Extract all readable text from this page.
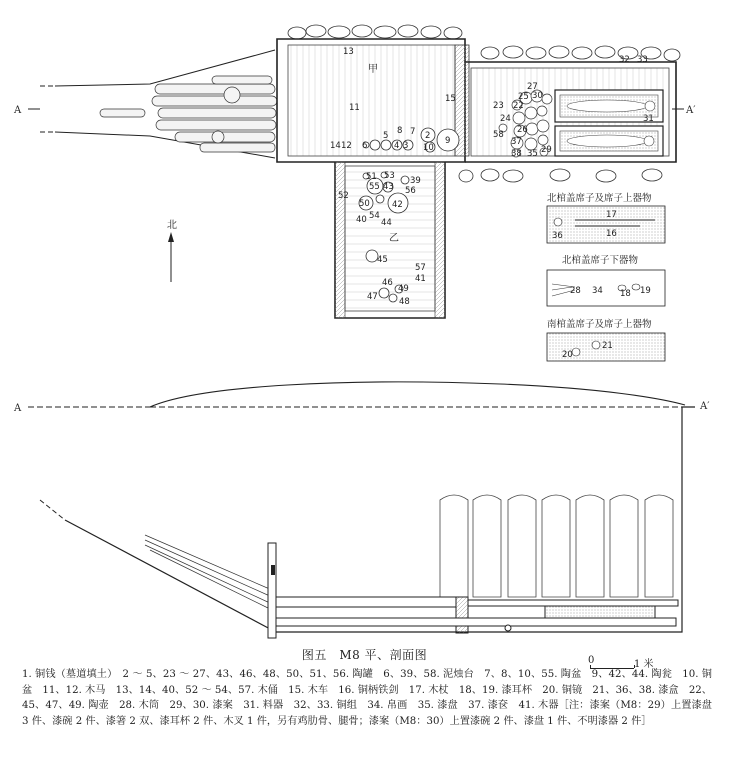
A	A′
甲
乙
13
11
15
5 8 7 2 9
14 12 6	4 3 10
23
27
25 30
24
26
58
37
38 35 29
32 33
31
22
51 53 39
55 43 56
52
50	42
40 54
44
45
57
41
46
49
47 48
北
北棺盖席子及席子上器物
17
16
36
北棺盖席子下器物
28 34 18 19
南棺盖席子及席子上器物
20
21
A	A′
0	1 米
图五　M8 平、剖面图
1. 铜钱（墓道填土）　2 ～ 5、23 ～ 27、43、46、48、50、51、56. 陶罐　6、39、58. 泥烛台　7、8、10、55. 陶盆　9、42、44. 陶瓮　10. 铜盆　11、12. 木马　13、14、40、52 ～ 54、57. 木俑　15. 木车　16. 铜柄铁剑　17. 木杖　18、19. 漆耳杯　20. 铜镜　21、36、38. 漆盒　22、45、47、49. 陶壶　28. 木筒　29、30. 漆案　31. 料器　32、33. 铜组　34. 帛画　35. 漆盘　37. 漆奁　41. 木器［注：漆案（M8：29）上置漆盘 3 件、漆碗 2 件、漆箸 2 双、漆耳杯 2 件、木叉 1 件，另有鸡肋骨、腿骨；漆案（M8：30）上置漆碗 2 件、漆盘 1 件、不明漆器 2 件］
